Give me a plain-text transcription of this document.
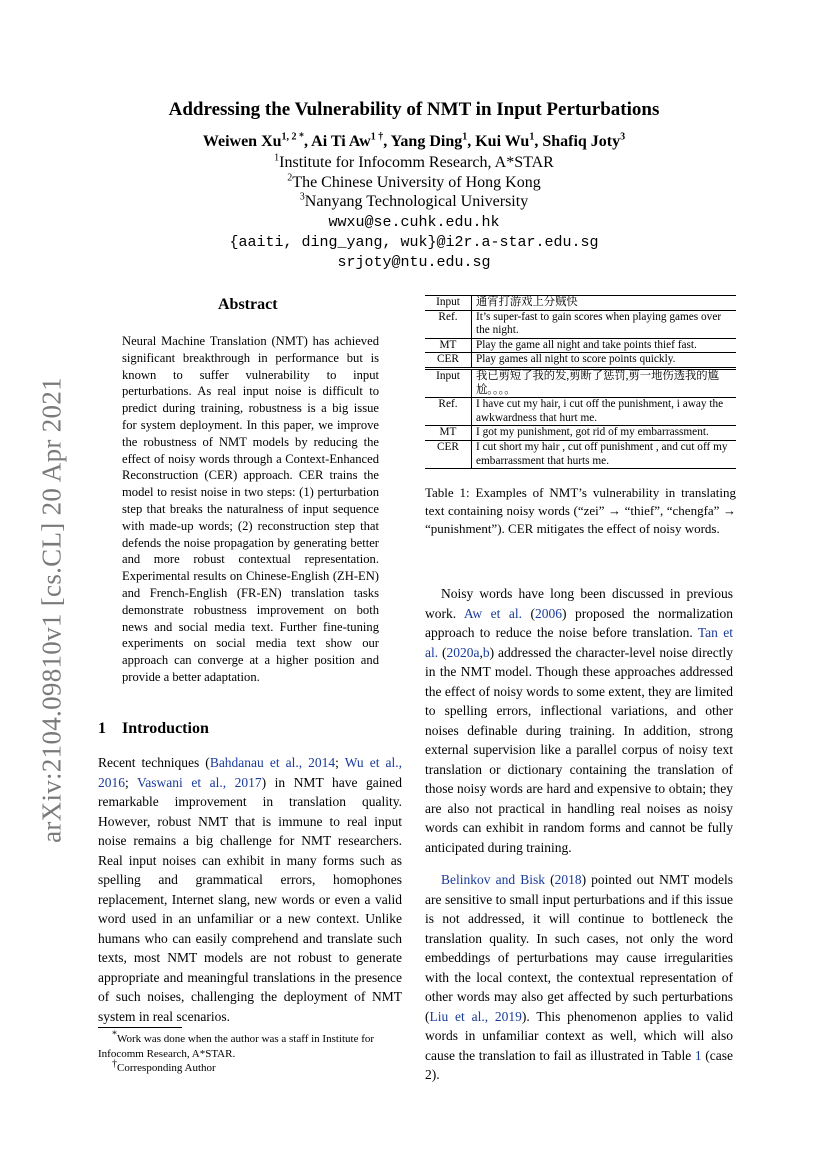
arXiv:2104.09810v1 [cs.CL] 20 Apr 2021
Addressing the Vulnerability of NMT in Input Perturbations
Weiwen $Xu^{1, 2 *}$, Ai Ti $Aw^{1 \dagger}$, Yang Ding$^1$, Kui Wu$^1$, Shafiq Joty$^3$
$^1$Institute for Infocomm Research, A*STAR
$^2$The Chinese University of Hong Kong
$^3$Nanyang Technological University
wwxu@se.cuhk.edu.hk
{aaiti, ding_yang, wuk}@i2r.a-star.edu.sg
srjoty@ntu.edu.sg
Abstract
Neural Machine Translation (NMT) has achieved significant breakthrough in performance but is known to suffer vulnerability to input perturbations. As real input noise is difficult to predict during training, robustness is a big issue for system deployment. In this paper, we improve the robustness of NMT models by reducing the effect of noisy words through a Context-Enhanced Reconstruction (CER) approach. CER trains the model to resist noise in two steps: (1) perturbation step that breaks the naturalness of input sequence with made-up words; (2) reconstruction step that defends the noise propagation by generating better and more robust contextual representation. Experimental results on Chinese-English (ZH-EN) and French-English (FR-EN) translation tasks demonstrate robustness improvement on both news and social media text. Further fine-tuning experiments on social media text show our approach can converge at a higher position and provide a better adaptation.
1 Introduction
Recent techniques (Bahdanau et al., 2014; Wu et al., 2016; Vaswani et al., 2017) in NMT have gained remarkable improvement in translation quality. However, robust NMT that is immune to real input noise remains a big challenge for NMT researchers. Real input noises can exhibit in many forms such as spelling and grammatical errors, homophones replacement, Internet slang, new words or even a valid word used in an unfamiliar or a new context. Unlike humans who can easily comprehend and translate such texts, most NMT models are not robust to generate appropriate and meaningful translations in the presence of such noises, challenging the deployment of NMT system in real scenarios.
*Work was done when the author was a staff in Institute for Infocomm Research, A*STAR.
†Corresponding Author
Input	通宵打游戏上分贼快
Ref.	It’s super-fast to gain scores when playing games over the night.
MT	Play the game all night and take points thief fast.
CER	Play games all night to score points quickly.
Input	我已剪短了我的发,剪断了惩罚,剪一地伤透我的尴尬。。。。
Ref.	I have cut my hair, i cut off the punishment, i away the awkwardness that hurt me.
MT	I got my punishment, got rid of my embarrassment.
CER	I cut short my hair , cut off punishment , and cut off my embarrassment that hurts me.
Table 1: Examples of NMT’s vulnerability in translating text containing noisy words (“zei” → “thief”, “chengfa” → “punishment”). CER mitigates the effect of noisy words.
Noisy words have long been discussed in previous work. Aw et al. (2006) proposed the normalization approach to reduce the noise before translation. Tan et al. (2020a,b) addressed the character-level noise directly in the NMT model. Though these approaches addressed the effect of noisy words to some extent, they are limited to spelling errors, inflectional variations, and other noises definable during training. In addition, strong external supervision like a parallel corpus of noisy text translation or dictionary containing the translation of those noisy words are hard and expensive to obtain; they are also not practical in handling real noises as noisy words can exhibit in random forms and cannot be fully anticipated during training.
Belinkov and Bisk (2018) pointed out NMT models are sensitive to small input perturbations and if this issue is not addressed, it will continue to bottleneck the translation quality. In such cases, not only the word embeddings of perturbations may cause irregularities with the local context, the contextual representation of other words may also get affected by such perturbations (Liu et al., 2019). This phenomenon applies to valid words in unfamiliar context as well, which will also cause the translation to fail as illustrated in Table 1 (case 2).
